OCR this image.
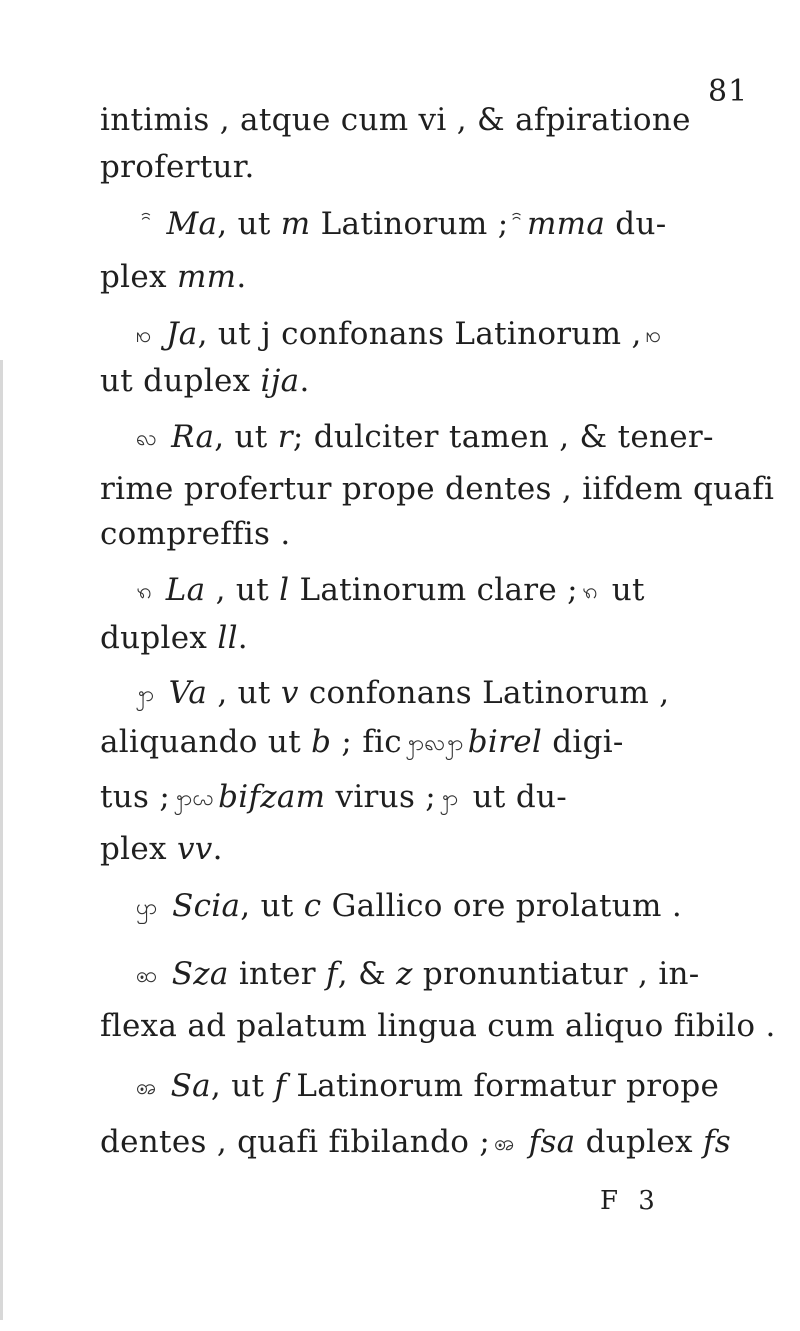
81
intimis , atque cum vi , & afpiratione
profertur.
ꩰ Ma, ut m Latinorum ; ꩰ mma du-
plex mm.
ꩯ Ja, ut j confonans Latinorum , ꩯ
ut duplex ija.
ꩮ Ra, ut r; dulciter tamen , & tener-
rime profertur prope dentes , iifdem quafi
compreffis .
ꩫ La , ut l Latinorum clare ; ꩫ ut
duplex ll.
ꩭ Va , ut v confonans Latinorum ,
aliquando ut b ; fic ꩭꩮꩭ birel digi-
tus ; ꩭꩬ bifzam virus ; ꩭ ut du-
plex vv.
ꩥ Scia, ut c Gallico ore prolatum .
ꩧ Sza inter f, & z pronuntiatur , in-
flexa ad palatum lingua cum aliquo fibilo .
ꩨ Sa, ut f Latinorum formatur prope
dentes , quafi fibilando ; ꩨ fsa duplex fs
F 3
